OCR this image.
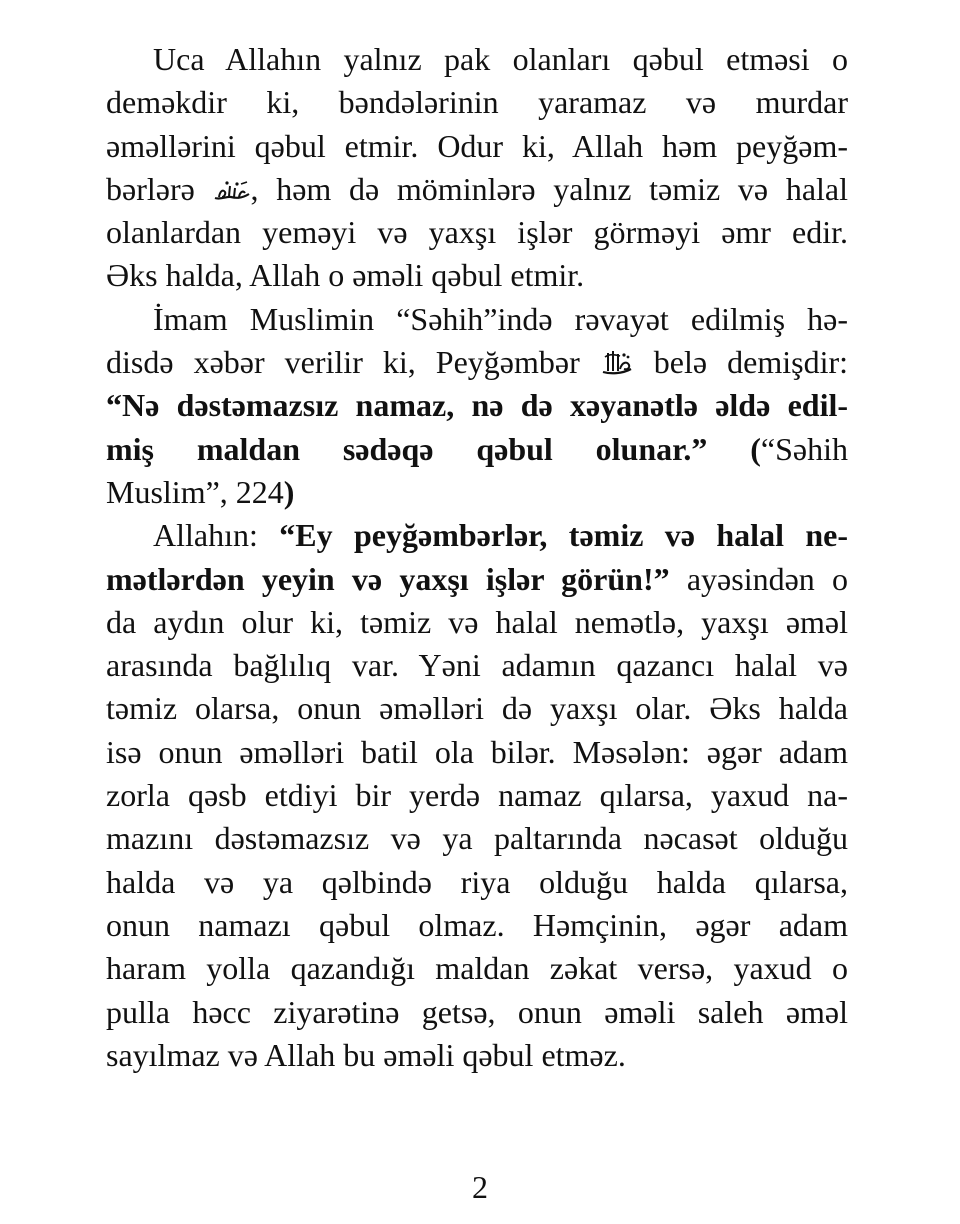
Uca Allahın yalnız pak olanları qəbul etməsi o
deməkdir ki, bəndələrinin yaramaz və murdar
əməllərini qəbul etmir. Odur ki, Allah həm peyğəm-
bərlərə , həm də möminlərə yalnız təmiz və halal
olanlardan yeməyi və yaxşı işlər görməyi əmr edir.
Əks halda, Allah o əməli qəbul etmir.
İmam Muslimin “Səhih”ində rəvayət edilmiş hə-
disdə xəbər verilir ki, Peyğəmbər
belə demişdir:
“Nə dəstəmazsız namaz, nə də xəyanətlə əldə edil-
miş maldan sədəqə qəbul olunar.” (“Səhih
Muslim”, 224)
Allahın: “Ey peyğəmbərlər, təmiz və halal ne-
mətlərdən yeyin və yaxşı işlər görün!” ayəsindən o
da aydın olur ki, təmiz və halal nemətlə, yaxşı əməl
arasında bağlılıq var. Yəni adamın qazancı halal və
təmiz olarsa, onun əməlləri də yaxşı olar. Əks halda
isə onun əməlləri batil ola bilər. Məsələn: əgər adam
zorla qəsb etdiyi bir yerdə namaz qılarsa, yaxud na-
mazını dəstəmazsız və ya paltarında nəcasət olduğu
halda və ya qəlbində riya olduğu halda qılarsa,
onun namazı qəbul olmaz. Həmçinin, əgər adam
haram yolla qazandığı maldan zəkat versə, yaxud o
pulla həcc ziyarətinə getsə, onun əməli saleh əməl
sayılmaz və Allah bu əməli qəbul etməz.
2
